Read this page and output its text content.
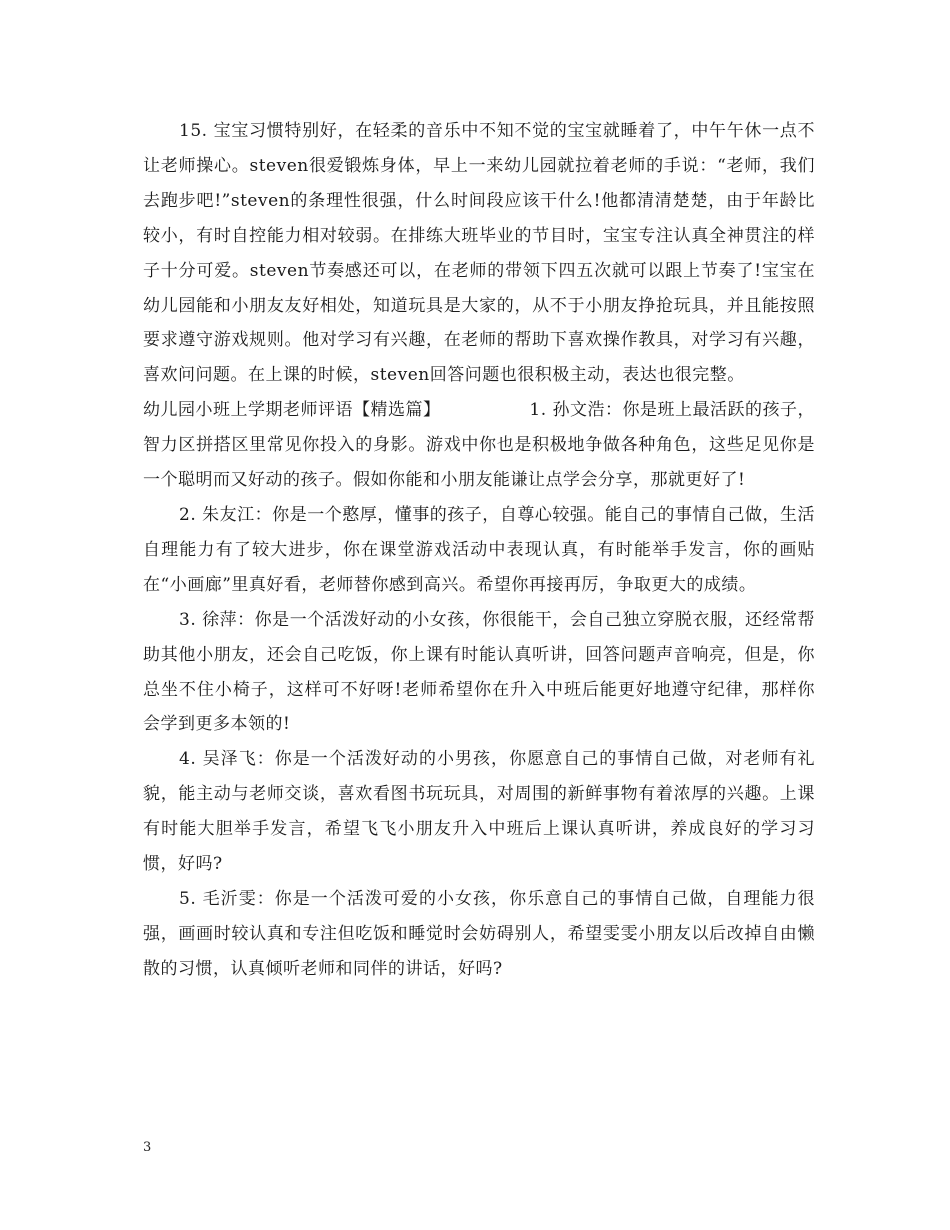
15. 宝宝习惯特别好，在轻柔的音乐中不知不觉的宝宝就睡着了，中午午休一点不让老师操心。steven很爱锻炼身体，早上一来幼儿园就拉着老师的手说：“老师，我们去跑步吧!”steven的条理性很强，什么时间段应该干什么!他都清清楚楚，由于年龄比较小，有时自控能力相对较弱。在排练大班毕业的节目时，宝宝专注认真全神贯注的样子十分可爱。steven节奏感还可以，在老师的带领下四五次就可以跟上节奏了!宝宝在幼儿园能和小朋友友好相处，知道玩具是大家的，从不于小朋友挣抢玩具，并且能按照要求遵守游戏规则。他对学习有兴趣，在老师的帮助下喜欢操作教具，对学习有兴趣，喜欢问问题。在上课的时候，steven回答问题也很积极主动，表达也很完整。

幼儿园小班上学期老师评语【精选篇】	1. 孙文浩：你是班上最活跃的孩子，

智力区拼搭区里常见你投入的身影。游戏中你也是积极地争做各种角色，这些足见你是一个聪明而又好动的孩子。假如你能和小朋友能谦让点学会分享，那就更好了!

2. 朱友江：你是一个憨厚，懂事的孩子，自尊心较强。能自己的事情自己做，生活自理能力有了较大进步，你在课堂游戏活动中表现认真，有时能举手发言，你的画贴在“小画廊”里真好看，老师替你感到高兴。希望你再接再厉，争取更大的成绩。

3. 徐萍：你是一个活泼好动的小女孩，你很能干，会自己独立穿脱衣服，还经常帮助其他小朋友，还会自己吃饭，你上课有时能认真听讲，回答问题声音响亮，但是，你总坐不住小椅子，这样可不好呀!老师希望你在升入中班后能更好地遵守纪律，那样你会学到更多本领的!

4. 吴泽飞：你是一个活泼好动的小男孩，你愿意自己的事情自己做，对老师有礼貌，能主动与老师交谈，喜欢看图书玩玩具，对周围的新鲜事物有着浓厚的兴趣。上课有时能大胆举手发言，希望飞飞小朋友升入中班后上课认真听讲，养成良好的学习习惯，好吗?

5. 毛沂雯：你是一个活泼可爱的小女孩，你乐意自己的事情自己做，自理能力很强，画画时较认真和专注但吃饭和睡觉时会妨碍别人，希望雯雯小朋友以后改掉自由懒散的习惯，认真倾听老师和同伴的讲话，好吗?

3
